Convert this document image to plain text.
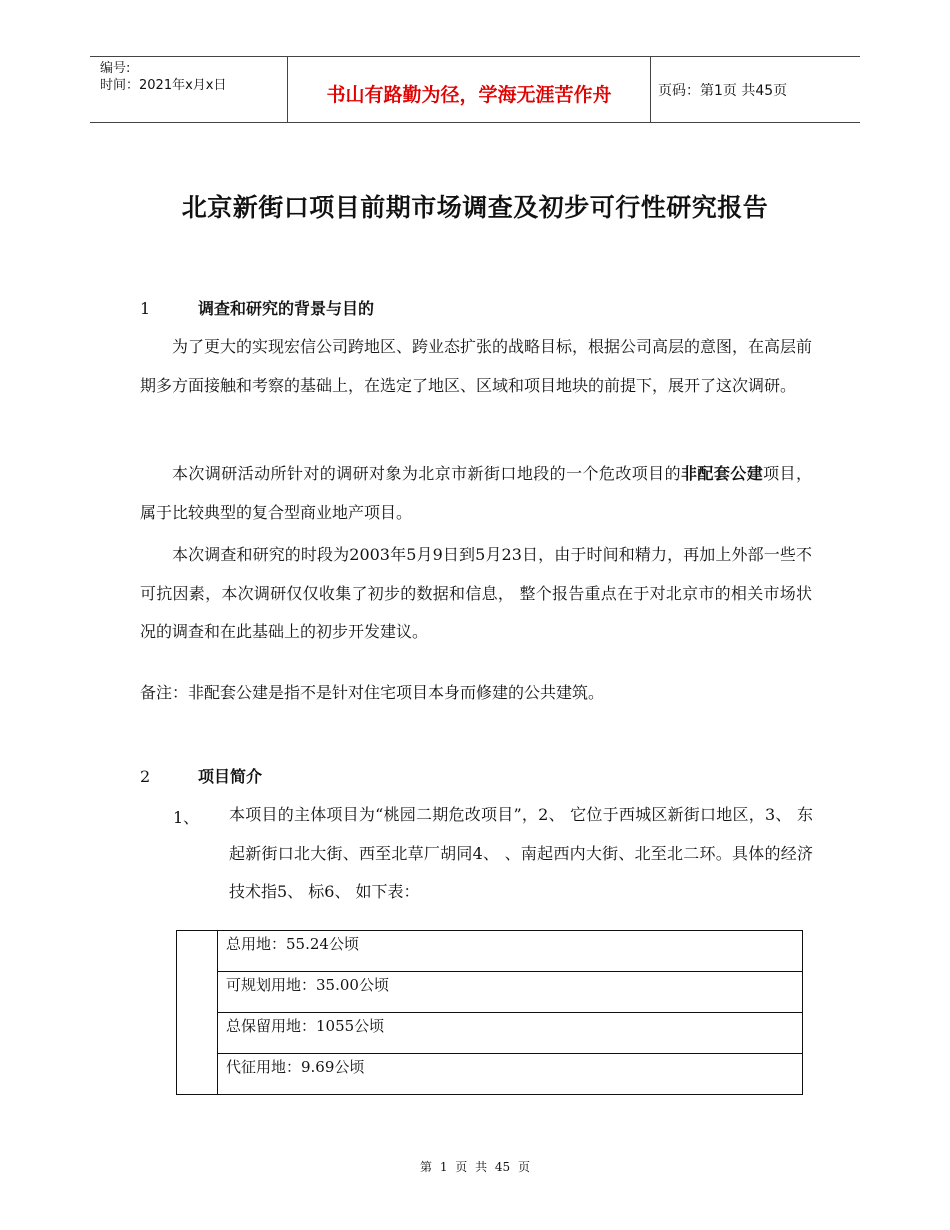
编号:
时间：2021年x月x日	书山有路勤为径，学海无涯苦作舟	页码：第1页 共45页
北京新街口项目前期市场调查及初步可行性研究报告
1	调查和研究的背景与目的
为了更大的实现宏信公司跨地区、跨业态扩张的战略目标，根据公司高层的意图，在高层前期多方面接触和考察的基础上，在选定了地区、区域和项目地块的前提下，展开了这次调研。
本次调研活动所针对的调研对象为北京市新街口地段的一个危改项目的非配套公建项目，属于比较典型的复合型商业地产项目。
本次调查和研究的时段为2003年5月9日到5月23日，由于时间和精力，再加上外部一些不可抗因素，本次调研仅仅收集了初步的数据和信息， 整个报告重点在于对北京市的相关市场状况的调查和在此基础上的初步开发建议。
备注：非配套公建是指不是针对住宅项目本身而修建的公共建筑。
2	项目简介
1、 本项目的主体项目为“桃园二期危改项目”，2、 它位于西城区新街口地区，3、 东起新街口北大街、西至北草厂胡同4、 、南起西内大街、北至北二环。具体的经济技术指5、 标6、 如下表：
	总用地：55.24公顷
可规划用地：35.00公顷
总保留用地：1055公顷
代征用地：9.69公顷
第 1 页 共 45 页
